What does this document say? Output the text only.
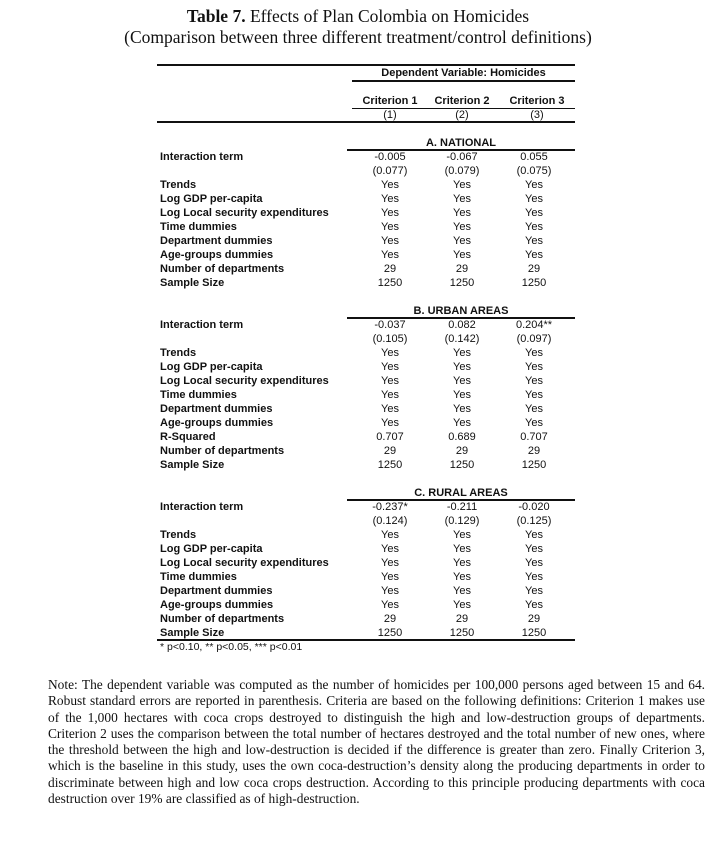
Table 7. Effects of Plan Colombia on Homicides
(Comparison between three different treatment/control definitions)
Dependent Variable: Homicides
Criterion 1	Criterion 2	Criterion 3
(1)	(2)	(3)
A. NATIONAL
Interaction term	-0.005	-0.067	0.055
(0.077)	(0.079)	(0.075)
Trends	Yes	Yes	Yes
Log GDP per-capita	Yes	Yes	Yes
Log Local security expenditures	Yes	Yes	Yes
Time dummies	Yes	Yes	Yes
Department dummies	Yes	Yes	Yes
Age-groups dummies	Yes	Yes	Yes
Number of departments	29	29	29
Sample Size	1250	1250	1250
B. URBAN AREAS
Interaction term	-0.037	0.082	0.204**
(0.105)	(0.142)	(0.097)
Trends	Yes	Yes	Yes
Log GDP per-capita	Yes	Yes	Yes
Log Local security expenditures	Yes	Yes	Yes
Time dummies	Yes	Yes	Yes
Department dummies	Yes	Yes	Yes
Age-groups dummies	Yes	Yes	Yes
R-Squared	0.707	0.689	0.707
Number of departments	29	29	29
Sample Size	1250	1250	1250
C. RURAL AREAS
Interaction term	-0.237*	-0.211	-0.020
(0.124)	(0.129)	(0.125)
Trends	Yes	Yes	Yes
Log GDP per-capita	Yes	Yes	Yes
Log Local security expenditures	Yes	Yes	Yes
Time dummies	Yes	Yes	Yes
Department dummies	Yes	Yes	Yes
Age-groups dummies	Yes	Yes	Yes
Number of departments	29	29	29
Sample Size	1250	1250	1250
* p<0.10, ** p<0.05, *** p<0.01
Note: The dependent variable was computed as the number of homicides per 100,000 persons aged between 15 and 64. Robust standard errors are reported in parenthesis. Criteria are based on the following definitions: Criterion 1 makes use of the 1,000 hectares with coca crops destroyed to distinguish the high and low-destruction groups of departments. Criterion 2 uses the comparison between the total number of hectares destroyed and the total number of new ones, where the threshold between the high and low-destruction is decided if the difference is greater than zero. Finally Criterion 3, which is the baseline in this study, uses the own coca-destruction’s density along the producing departments in order to discriminate between high and low coca crops destruction. According to this principle producing departments with coca destruction over 19% are classified as of high-destruction.
